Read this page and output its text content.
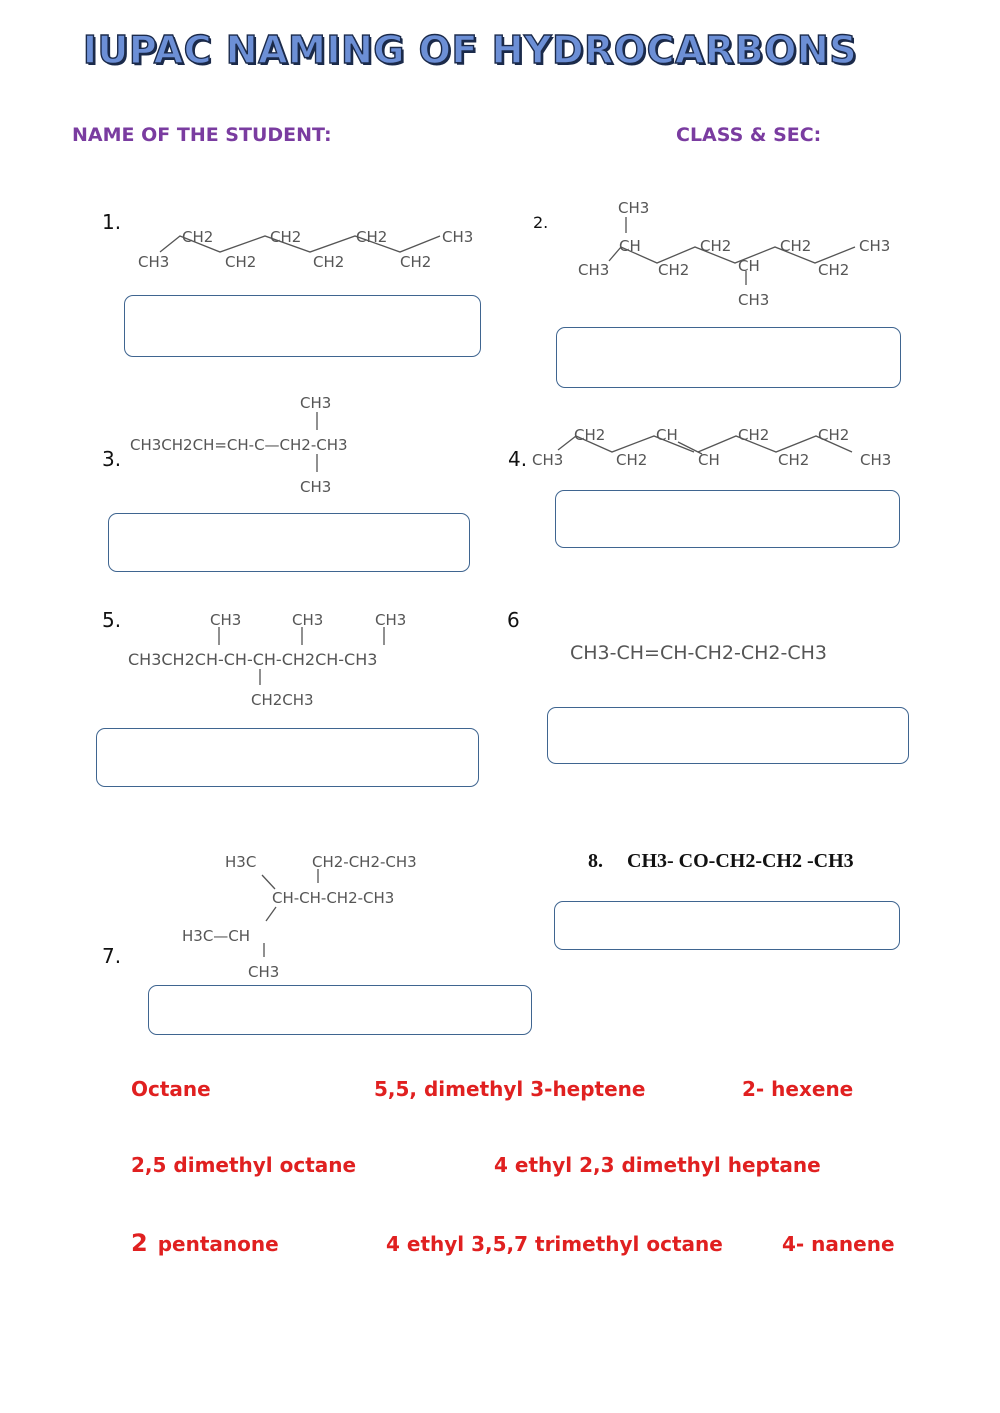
IUPAC NAMING OF HYDROCARBONS
NAME OF THE STUDENT:	CLASS & SEC:
1.
CH3
CH2
CH2
CH2
CH2
CH2
CH2
CH3
2.
CH3
CH
CH3	CH2
CH2
CH
CH3
CH2
CH2
CH3
3.
CH3
CH3CH2CH=CH-C—CH2-CH3
CH3
4. CH3
CH2
CH2
CH
CH
CH2
CH2
CH2
CH3
5.	CH3	CH3	CH3
CH3CH2CH-CH-CH-CH2CH-CH3
CH2CH3
6
CH3-CH=CH-CH2-CH2-CH3
7.
H3C	CH2-CH2-CH3
CH-CH-CH2-CH3
H3C—CH
CH3
8. CH3- CO-CH2-CH2 -CH3
Octane	5,5, dimethyl 3-heptene	2- hexene
2,5 dimethyl octane	4 ethyl 2,3 dimethyl heptane
2 pentanone	4 ethyl 3,5,7 trimethyl octane	4- nanene
